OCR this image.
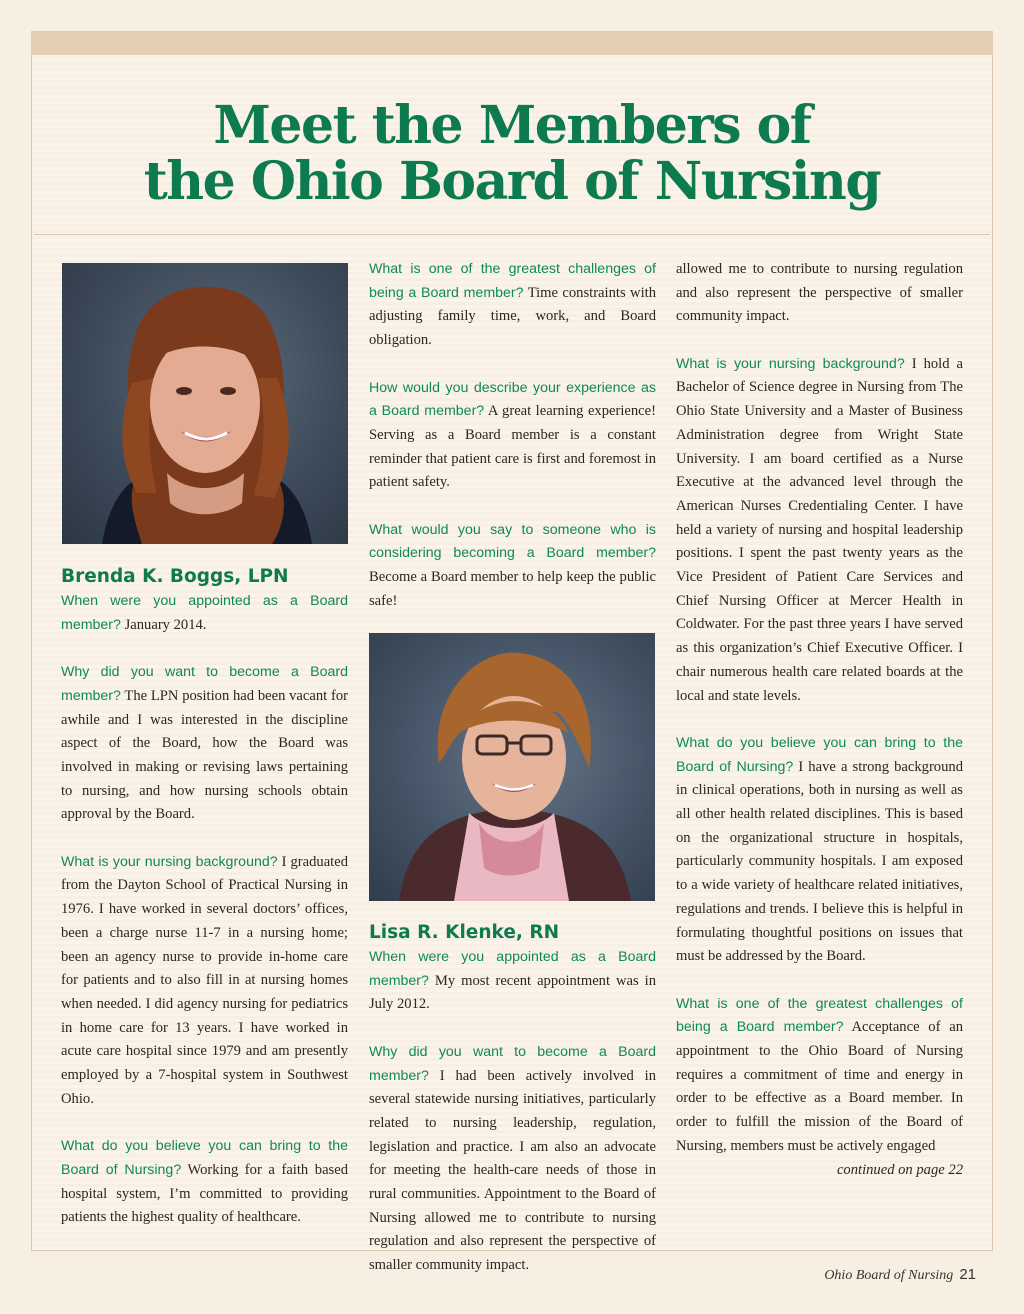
Meet the Members of
the Ohio Board of Nursing
Brenda K. Boggs, LPN

When were you appointed as a Board member? January 2014.

Why did you want to become a Board member? The LPN position had been vacant for awhile and I was interested in the discipline aspect of the Board, how the Board was involved in making or revising laws pertaining to nursing, and how nursing schools obtain approval by the Board.

What is your nursing background? I graduated from the Dayton School of Practical Nursing in 1976. I have worked in several doctors’ offices, been a charge nurse 11-7 in a nursing home; been an agency nurse to provide in-home care for patients and to also fill in at nursing homes when needed. I did agency nursing for pediatrics in home care for 13 years. I have worked in acute care hospital since 1979 and am presently employed by a 7-hospital system in Southwest Ohio.

What do you believe you can bring to the Board of Nursing? Working for a faith based hospital system, I’m committed to providing patients the highest quality of healthcare.

What is one of the greatest challenges of being a Board member? Time constraints with adjusting family time, work, and Board obligation.

How would you describe your experience as a Board member? A great learning experience! Serving as a Board member is a constant reminder that patient care is first and foremost in patient safety.

What would you say to someone who is considering becoming a Board member? Become a Board member to help keep the public safe!

Lisa R. Klenke, RN

When were you appointed as a Board member? My most recent appointment was in July 2012.

Why did you want to become a Board member? I had been actively involved in several statewide nursing initiatives, particularly related to nursing leadership, regulation, legislation and practice. I am also an advocate for meeting the health-care needs of those in rural communities. Appointment to the Board of Nursing allowed me to contribute to nursing regulation and also represent the perspective of smaller community impact.

allowed me to contribute to nursing regulation and also represent the perspective of smaller community impact.

What is your nursing background? I hold a Bachelor of Science degree in Nursing from The Ohio State University and a Master of Business Administration degree from Wright State University. I am board certified as a Nurse Executive at the advanced level through the American Nurses Credentialing Center. I have held a variety of nursing and hospital leadership positions. I spent the past twenty years as the Vice President of Patient Care Services and Chief Nursing Officer at Mercer Health in Coldwater. For the past three years I have served as this organization’s Chief Executive Officer. I chair numerous health care related boards at the local and state levels.

What do you believe you can bring to the Board of Nursing? I have a strong background in clinical operations, both in nursing as well as all other health related disciplines. This is based on the organizational structure in hospitals, particularly community hospitals. I am exposed to a wide variety of healthcare related initiatives, regulations and trends. I believe this is helpful in formulating thoughtful positions on issues that must be addressed by the Board.

What is one of the greatest challenges of being a Board member? Acceptance of an appointment to the Ohio Board of Nursing requires a commitment of time and energy in order to be effective as a Board member. In order to fulfill the mission of the Board of Nursing, members must be actively engaged

continued on page 22
Ohio Board of Nursing 21
